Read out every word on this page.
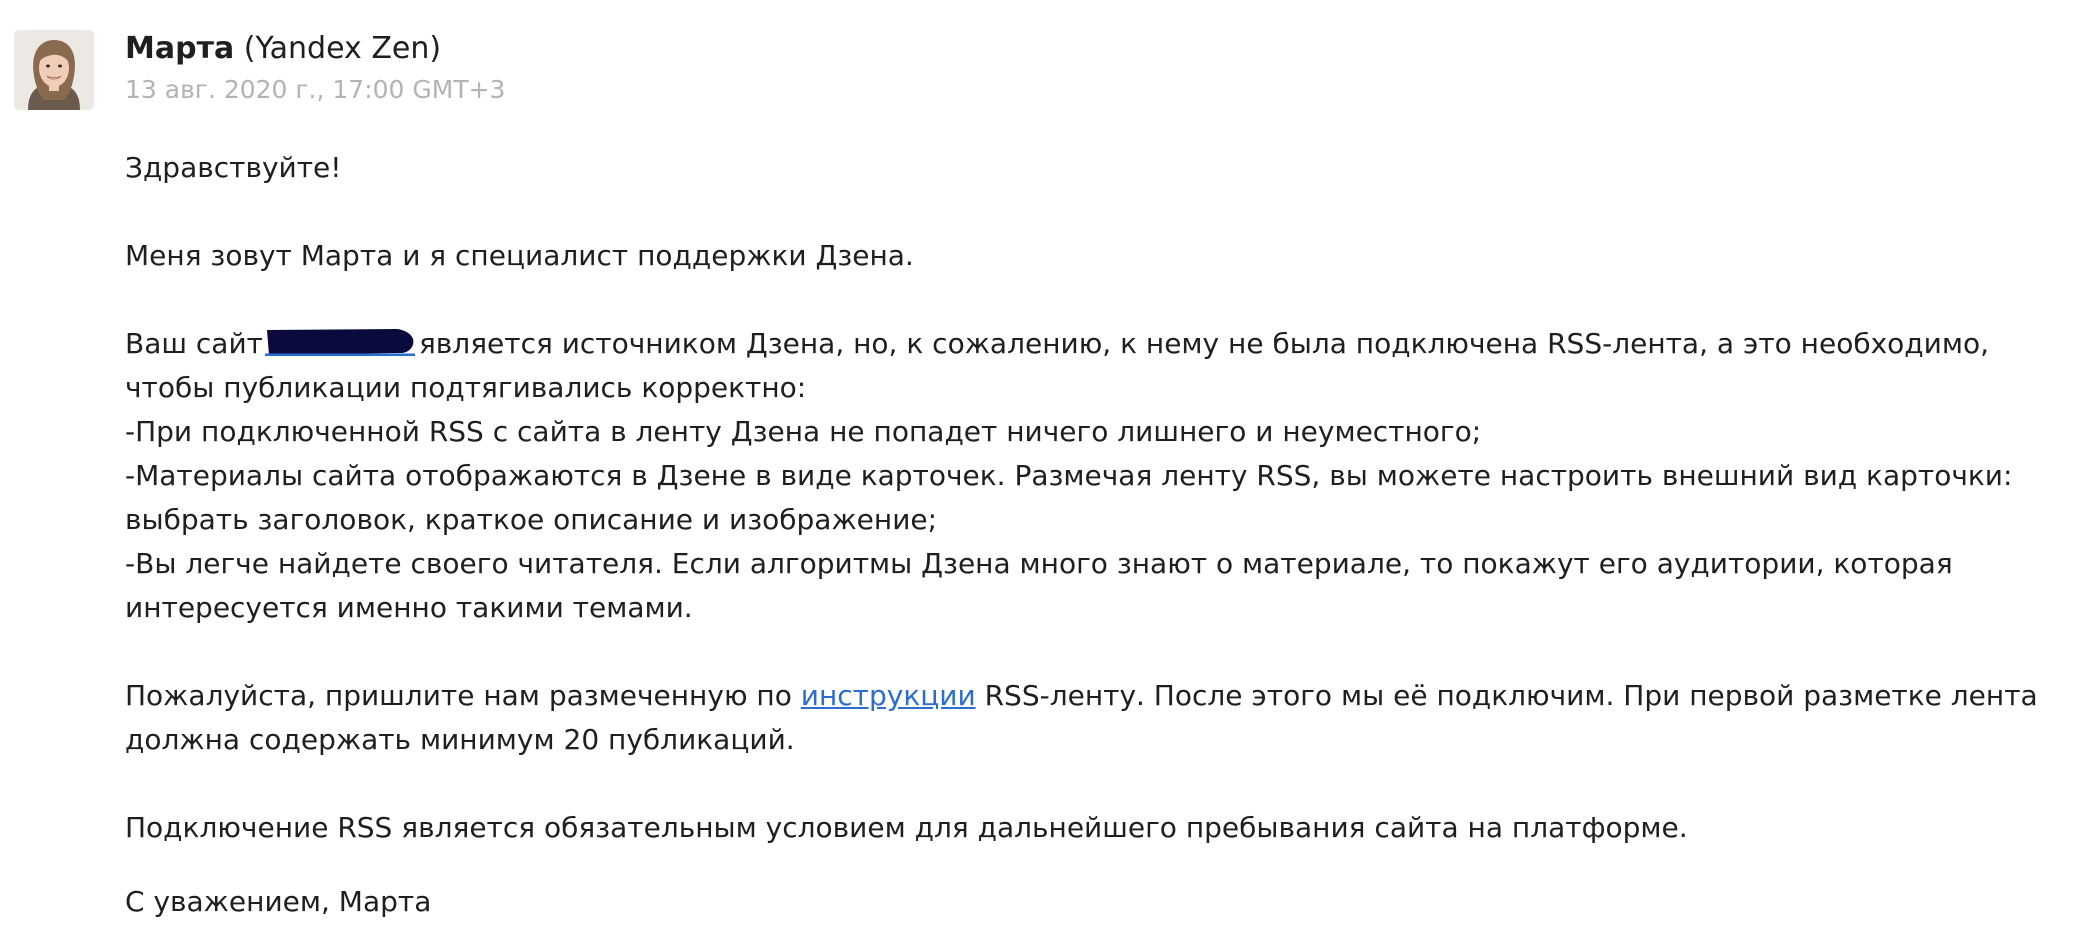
Марта (Yandex Zen)
13 авг. 2020 г., 17:00 GMT+3

Здравствуйте!

Меня зовут Марта и я специалист поддержки Дзена.

Ваш сайт	является источником Дзена, но, к сожалению, к нему не была подключена RSS-лента, а это необходимо, чтобы публикации подтягивались корректно:

-При подключенной RSS с сайта в ленту Дзена не попадет ничего лишнего и неуместного;

-Материалы сайта отображаются в Дзене в виде карточек. Размечая ленту RSS, вы можете настроить внешний вид карточки: выбрать заголовок, краткое описание и изображение;

-Вы легче найдете своего читателя. Если алгоритмы Дзена много знают о материале, то покажут его аудитории, которая интересуется именно такими темами.

Пожалуйста, пришлите нам размеченную по инструкции RSS-ленту. После этого мы её подключим. При первой разметке лента должна содержать минимум 20 публикаций.

Подключение RSS является обязательным условием для дальнейшего пребывания сайта на платформе.

С уважением, Марта
